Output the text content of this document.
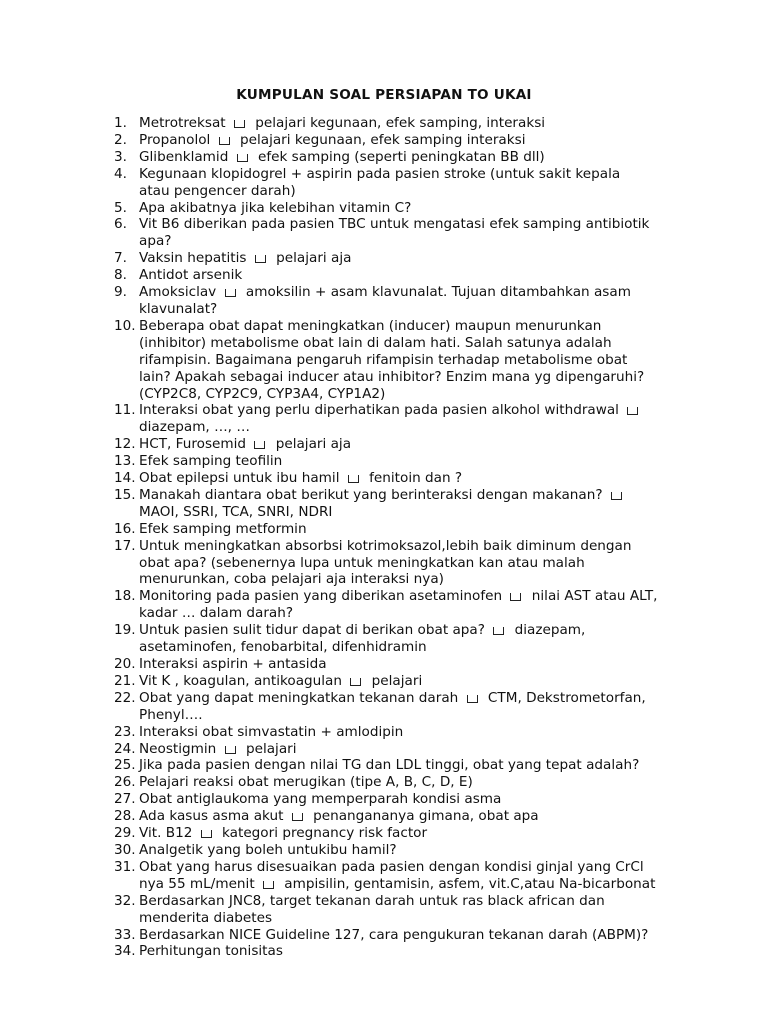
KUMPULAN SOAL PERSIAPAN TO UKAI
1. Metrotreksat  pelajari kegunaan, efek samping, interaksi
2. Propanolol  pelajari kegunaan, efek samping interaksi
3. Glibenklamid  efek samping (seperti peningkatan BB dll)
4. Kegunaan klopidogrel + aspirin pada pasien stroke (untuk sakit kepala
atau pengencer darah)
5. Apa akibatnya jika kelebihan vitamin C?
6. Vit B6 diberikan pada pasien TBC untuk mengatasi efek samping antibiotik
apa?
7. Vaksin hepatitis  pelajari aja
8. Antidot arsenik
9. Amoksiclav  amoksilin + asam klavunalat. Tujuan ditambahkan asam
klavunalat?
10. Beberapa obat dapat meningkatkan (inducer) maupun menurunkan
(inhibitor) metabolisme obat lain di dalam hati. Salah satunya adalah
rifampisin. Bagaimana pengaruh rifampisin terhadap metabolisme obat
lain? Apakah sebagai inducer atau inhibitor? Enzim mana yg dipengaruhi?
(CYP2C8, CYP2C9, CYP3A4, CYP1A2)
11. Interaksi obat yang perlu diperhatikan pada pasien alkohol withdrawal
diazepam, …, …
12. HCT, Furosemid  pelajari aja
13. Efek samping teofilin
14. Obat epilepsi untuk ibu hamil  fenitoin dan ?
15. Manakah diantara obat berikut yang berinteraksi dengan makanan?
MAOI, SSRI, TCA, SNRI, NDRI
16. Efek samping metformin
17. Untuk meningkatkan absorbsi kotrimoksazol,lebih baik diminum dengan
obat apa? (sebenernya lupa untuk meningkatkan kan atau malah
menurunkan, coba pelajari aja interaksi nya)
18. Monitoring pada pasien yang diberikan asetaminofen  nilai AST atau ALT,
kadar … dalam darah?
19. Untuk pasien sulit tidur dapat di berikan obat apa?  diazepam,
asetaminofen, fenobarbital, difenhidramin
20. Interaksi aspirin + antasida
21. Vit K , koagulan, antikoagulan  pelajari
22. Obat yang dapat meningkatkan tekanan darah  CTM, Dekstrometorfan,
Phenyl….
23. Interaksi obat simvastatin + amlodipin
24. Neostigmin  pelajari
25. Jika pada pasien dengan nilai TG dan LDL tinggi, obat yang tepat adalah?
26. Pelajari reaksi obat merugikan (tipe A, B, C, D, E)
27. Obat antiglaukoma yang memperparah kondisi asma
28. Ada kasus asma akut  penangananya gimana, obat apa
29. Vit. B12  kategori pregnancy risk factor
30. Analgetik yang boleh untukibu hamil?
31. Obat yang harus disesuaikan pada pasien dengan kondisi ginjal yang CrCl
nya 55 mL/menit  ampisilin, gentamisin, asfem, vit.C,atau Na-bicarbonat
32. Berdasarkan JNC8, target tekanan darah untuk ras black african dan
menderita diabetes
33. Berdasarkan NICE Guideline 127, cara pengukuran tekanan darah (ABPM)?
34. Perhitungan tonisitas
